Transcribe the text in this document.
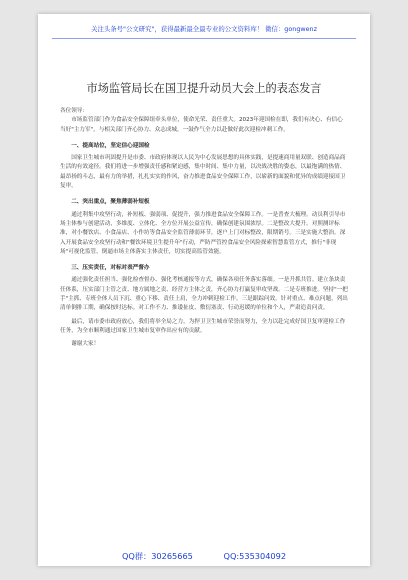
关注头条号"公文研究"，获得最新最全最专业的公文资料库！ 微信：gongwenz
市场监管局长在国卫提升动员大会上的表态发言

各位领导：

市场监管部门作为食品安全保障组牵头单位，使命光荣、责任重大。2023年迎国检在即，我们有决心、有信心当好"主力军"，与相关部门齐心协力、众志成城，一鼓作气全力以赴做好此次迎检冲刺工作。

一、提高站位，坚定信心迎国检

国家卫生城市巩固提升是市委、市政府体现以人民为中心发展思想的具体实践，是提速商用量双联、创造商品商生活的有效途径。我们将进一步增强责任感和紧迫感，集中时间、集中力量，以决战决胜的姿态，以最饱满的热情、最昂扬的斗志，最有力的举措，扎扎实实的作风，奋力推进食品安全保障工作，以崭新的面貌和优异的成绩迎接国卫复审。

二、突出重点，聚焦薄弱补短板

通过利集中攻坚行动，补短板、强弱项、促提升，强力推进食品安全保障工作。一是普查大梳理。动员利引导市场主体参与创建活动，多维度、立体化、全方位开展公益宣传，确保创建氛围浓厚。二是整改大提升。对照测评标准，对小餐饮店、小食品店、小作坊等食品安全监管薄弱环节，逐户上门对标整改，限期销号。三是实施大整治。深入开展食品安全攻坚行动和"餐饮环境卫生提升年"行动，严防严管控食品安全风险探索智慧监管方式，推行"非现场"可视化监管，倒逼市场主体落实主体责任，切实提高监管效能。

三、压实责任，对标对表严督办

通过强化责任担当、强化检查督办、强化考核通报等方式，确保各项任务落实落细。一是升抓共管。建立条块责任体系，压实部门主管之责、地方属地之责、经营方主体之责，齐心协力打赢复审攻坚战。二是专班推进。坚持"一把手"主抓、专班全体人员下沉、重心下移、责任上肩，全力冲刺迎检工作。三是跟踪问效。针对重点、难点问题，列出清单倒排工期，确保按时达标。对工作不力、推诿扯皮、敷衍塞责、行动迟缓的单位和个人，严肃追责问责。

最后，请市委市政府放心，我们将举全局之力，为捍卫卫生城市荣誉而努力，全力以赴完成好国卫复审迎检工作任务，为全市顺利通过国家卫生城市复审作出应有的贡献。

谢谢大家！

QQ群：30265665	QQ:535304092
